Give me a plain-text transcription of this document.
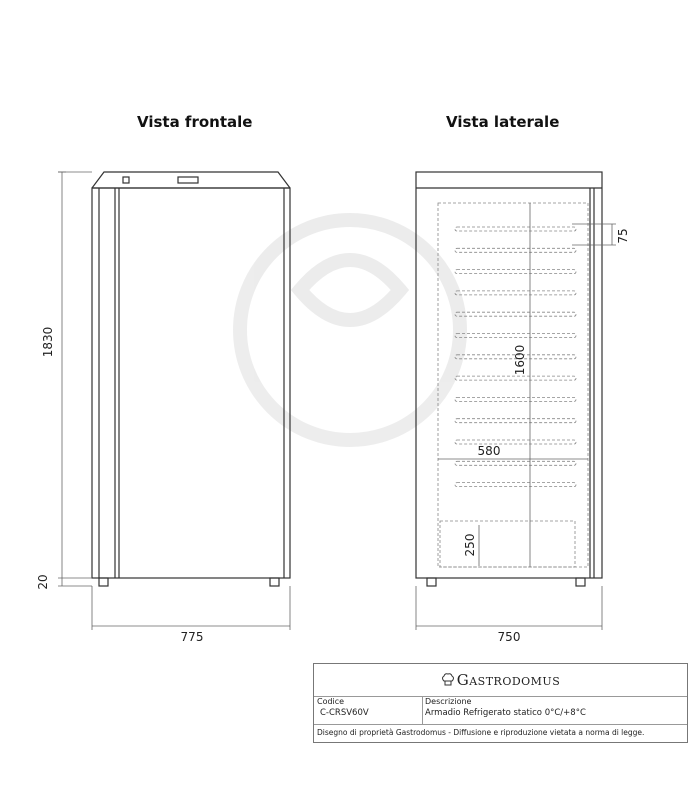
Vista frontale	Vista laterale
1830
20
775
75
1600
580
250
750
Gastrodomus
Codice
C-CRSV60V
Descrizione
Armadio Refrigerato statico 0°C/+8°C
Disegno di proprietà Gastrodomus - Diffusione e riproduzione vietata a norma di legge.
